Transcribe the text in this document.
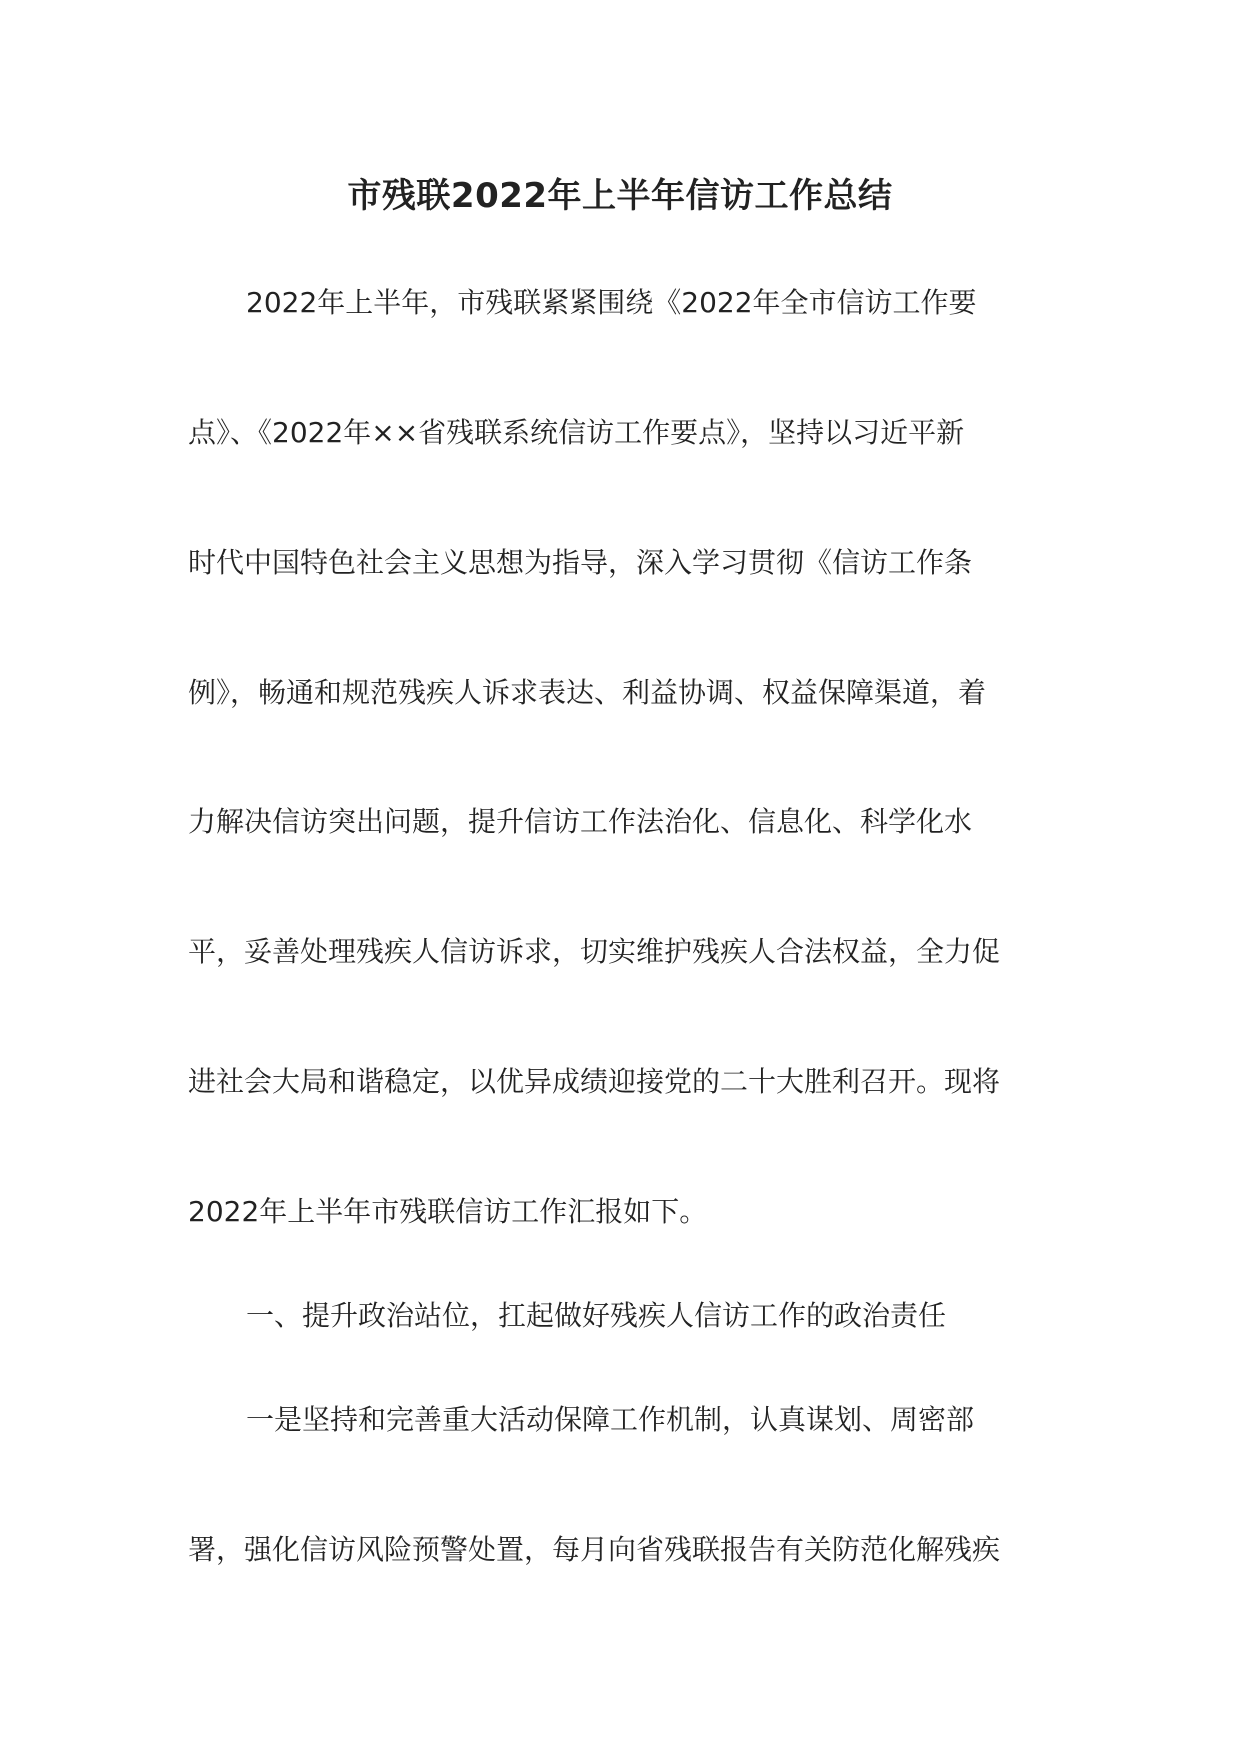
市残联2022年上半年信访工作总结

2022年上半年，市残联紧紧围绕《2022年全市信访工作要

点》、《2022年××省残联系统信访工作要点》，坚持以习近平新

时代中国特色社会主义思想为指导，深入学习贯彻《信访工作条

例》，畅通和规范残疾人诉求表达、利益协调、权益保障渠道，着

力解决信访突出问题，提升信访工作法治化、信息化、科学化水

平，妥善处理残疾人信访诉求，切实维护残疾人合法权益，全力促

进社会大局和谐稳定，以优异成绩迎接党的二十大胜利召开。现将

2022年上半年市残联信访工作汇报如下。

一、提升政治站位，扛起做好残疾人信访工作的政治责任

一是坚持和完善重大活动保障工作机制，认真谋划、周密部

署，强化信访风险预警处置，每月向省残联报告有关防范化解残疾
